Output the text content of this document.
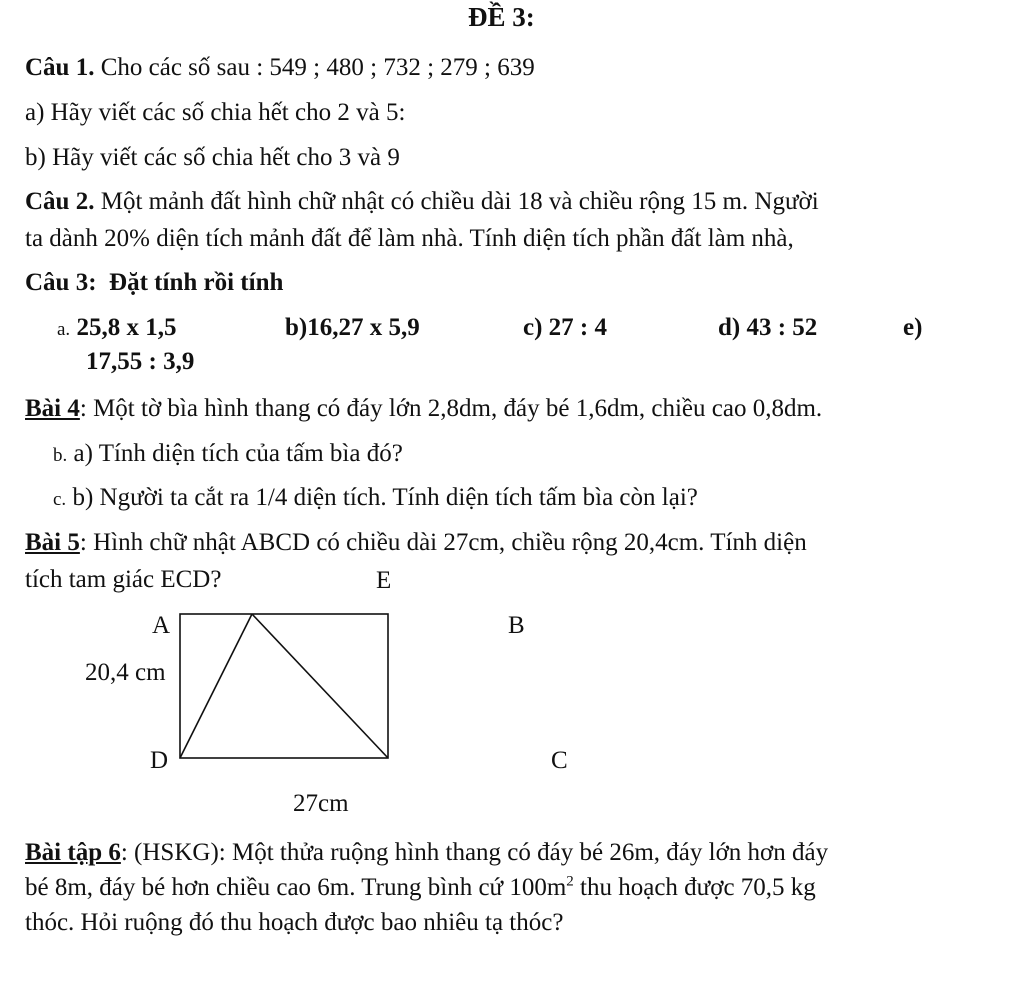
ĐỀ 3:
Câu 1. Cho các số sau : 549 ; 480 ; 732 ; 279 ; 639
a) Hãy viết các số chia hết cho 2 và 5:
b) Hãy viết các số chia hết cho 3 và 9
Câu 2. Một mảnh đất hình chữ nhật có chiều dài 18 và chiều rộng 15 m. Người
ta dành 20% diện tích mảnh đất để làm nhà. Tính diện tích phần đất làm nhà,
Câu 3: Đặt tính rồi tính
a. 25,8 x 1,5	b)16,27 x 5,9	c) 27 : 4	d) 43 : 52	e)
17,55 : 3,9
Bài 4: Một tờ bìa hình thang có đáy lớn 2,8dm, đáy bé 1,6dm, chiều cao 0,8dm.
b. a) Tính diện tích của tấm bìa đó?
c. b) Người ta cắt ra 1/4 diện tích. Tính diện tích tấm bìa còn lại?
Bài 5: Hình chữ nhật ABCD có chiều dài 27cm, chiều rộng 20,4cm. Tính diện
tích tam giác ECD?	E
A	B
20,4 cm
D	C
27cm
Bài tập 6: (HSKG): Một thửa ruộng hình thang có đáy bé 26m, đáy lớn hơn đáy
bé 8m, đáy bé hơn chiều cao 6m. Trung bình cứ $100m^2$ thu hoạch được 70,5 kg
thóc. Hỏi ruộng đó thu hoạch được bao nhiêu tạ thóc?
